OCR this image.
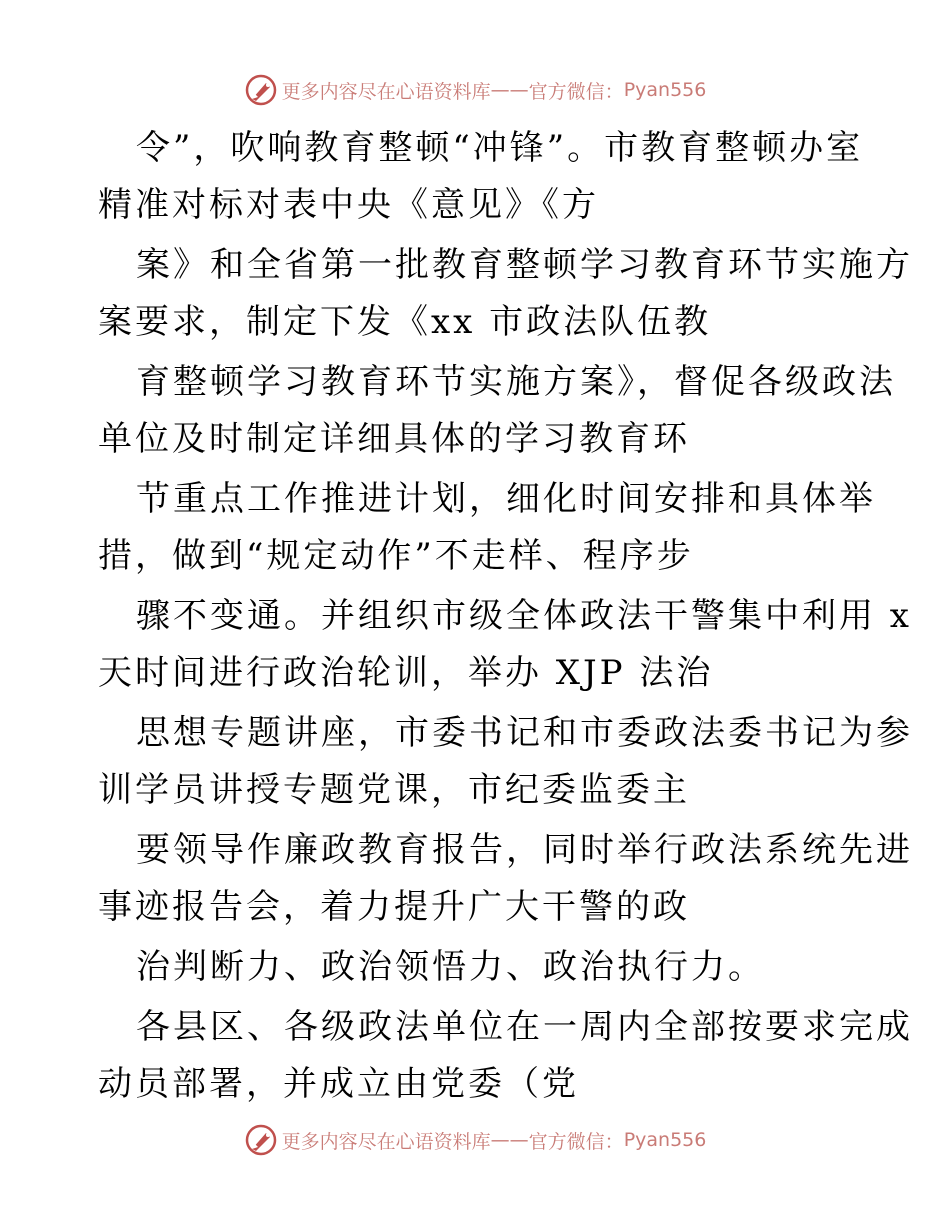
更多内容尽在心语资料库 —— 官方微信： Pyan556
令”，吹响教育整顿“冲锋”。市教育整顿办室
精准对标对表中央《意见》《方
案》和全省第一批教育整顿学习教育环节实施方
案要求，制定下发《xx 市政法队伍教
育整顿学习教育环节实施方案》，督促各级政法
单位及时制定详细具体的学习教育环
节重点工作推进计划，细化时间安排和具体举
措，做到“规定动作”不走样、程序步
骤不变通。并组织市级全体政法干警集中利用 x
天时间进行政治轮训，举办 XJP 法治
思想专题讲座，市委书记和市委政法委书记为参
训学员讲授专题党课，市纪委监委主
要领导作廉政教育报告，同时举行政法系统先进
事迹报告会，着力提升广大干警的政
治判断力、政治领悟力、政治执行力。
各县区、各级政法单位在一周内全部按要求完成
动员部署，并成立由党委（党
更多内容尽在心语资料库 —— 官方微信： Pyan556
